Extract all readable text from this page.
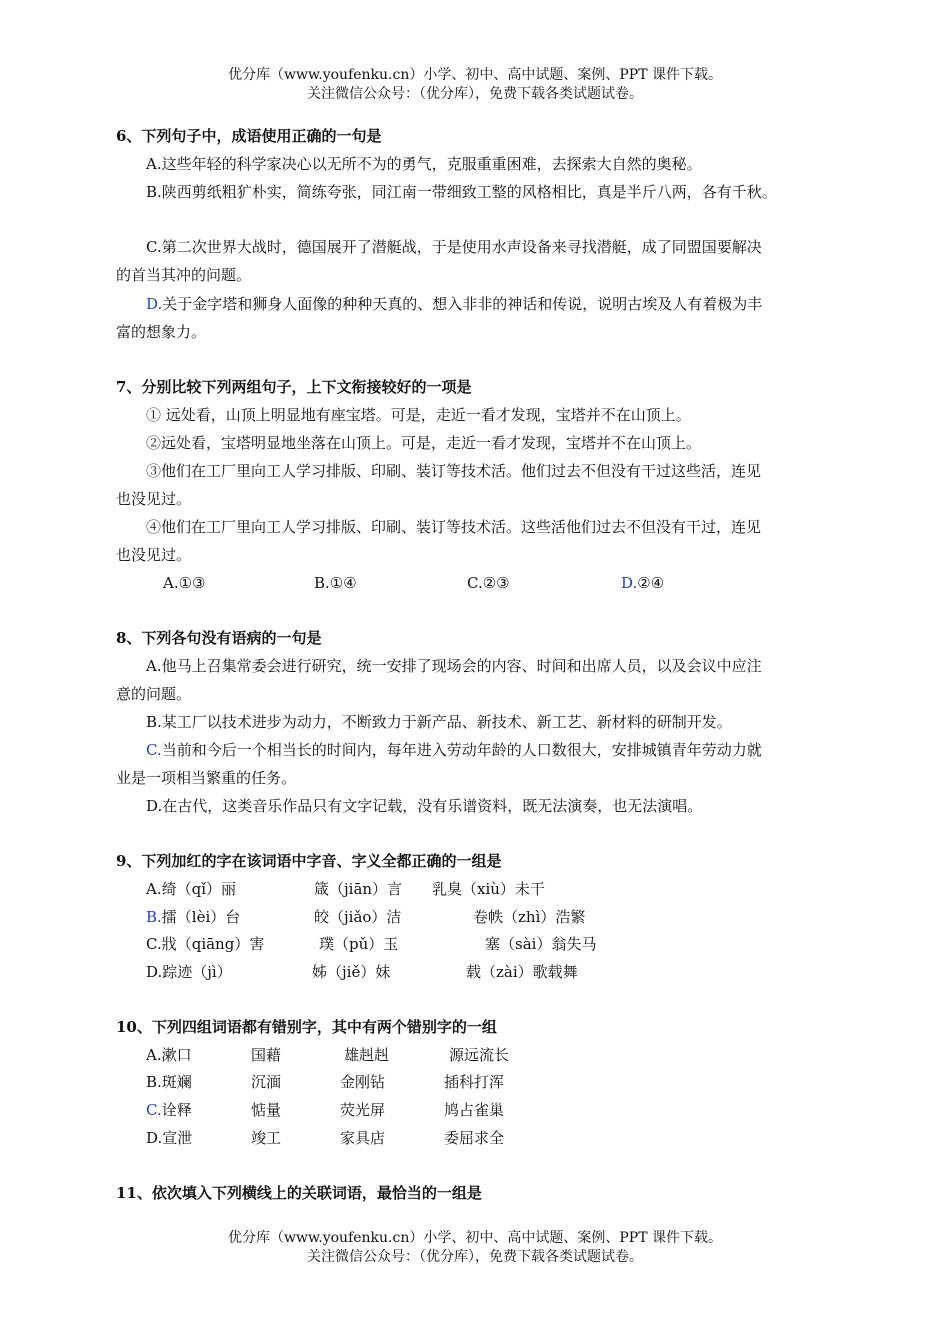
优分库（www.youfenku.cn）小学、初中、高中试题、案例、PPT 课件下载。
关注微信公众号：（优分库），免费下载各类试题试卷。
6、下列句子中，成语使用正确的一句是
A.这些年轻的科学家决心以无所不为的勇气，克服重重困难，去探索大自然的奥秘。
B.陕西剪纸粗犷朴实，简练夸张，同江南一带细致工整的风格相比，真是半斤八两，各有千秋。
C.第二次世界大战时，德国展开了潜艇战，于是使用水声设备来寻找潜艇，成了同盟国要解决
的首当其冲的问题。
D.关于金字塔和狮身人面像的种种天真的、想入非非的神话和传说，说明古埃及人有着极为丰
富的想象力。
7、分别比较下列两组句子，上下文衔接较好的一项是
① 远处看，山顶上明显地有座宝塔。可是，走近一看才发现，宝塔并不在山顶上。
②远处看，宝塔明显地坐落在山顶上。可是，走近一看才发现，宝塔并不在山顶上。
③他们在工厂里向工人学习排版、印刷、装订等技术活。他们过去不但没有干过这些活，连见
也没见过。
④他们在工厂里向工人学习排版、印刷、装订等技术活。这些活他们过去不但没有干过，连见
也没见过。
A.①③	B.①④	C.②③	D.②④
8、下列各句没有语病的一句是
A.他马上召集常委会进行研究，统一安排了现场会的内容、时间和出席人员，以及会议中应注
意的问题。
B.某工厂以技术进步为动力，不断致力于新产品、新技术、新工艺、新材料的研制开发。
C.当前和今后一个相当长的时间内，每年进入劳动年龄的人口数很大，安排城镇青年劳动力就
业是一项相当繁重的任务。
D.在古代，这类音乐作品只有文字记载，没有乐谱资料，既无法演奏，也无法演唱。
9、下列加红的字在该词语中字音、字义全都正确的一组是
A.绮（qǐ）丽	箴（jiān）言 乳臭（xiù）未干
B.擂（lèi）台	皎（jiǎo）洁	卷帙（zhì）浩繁
C.戕（qiāng）害	璞（pǔ）玉	塞（sài）翁失马
D.踪迹（jì）	姊（jiě）妹	载（zài）歌载舞
10、下列四组词语都有错别字，其中有两个错别字的一组
A.漱口	国藉	雄赳赳	源远流长
B.斑斓	沉湎	金刚钻	插科打浑
C.诠释	惦量	荧光屏	鸠占雀巢
D.宣泄	竣工	家具店	委屈求全
11、依次填入下列横线上的关联词语，最恰当的一组是
优分库（www.youfenku.cn）小学、初中、高中试题、案例、PPT 课件下载。
关注微信公众号：（优分库），免费下载各类试题试卷。
